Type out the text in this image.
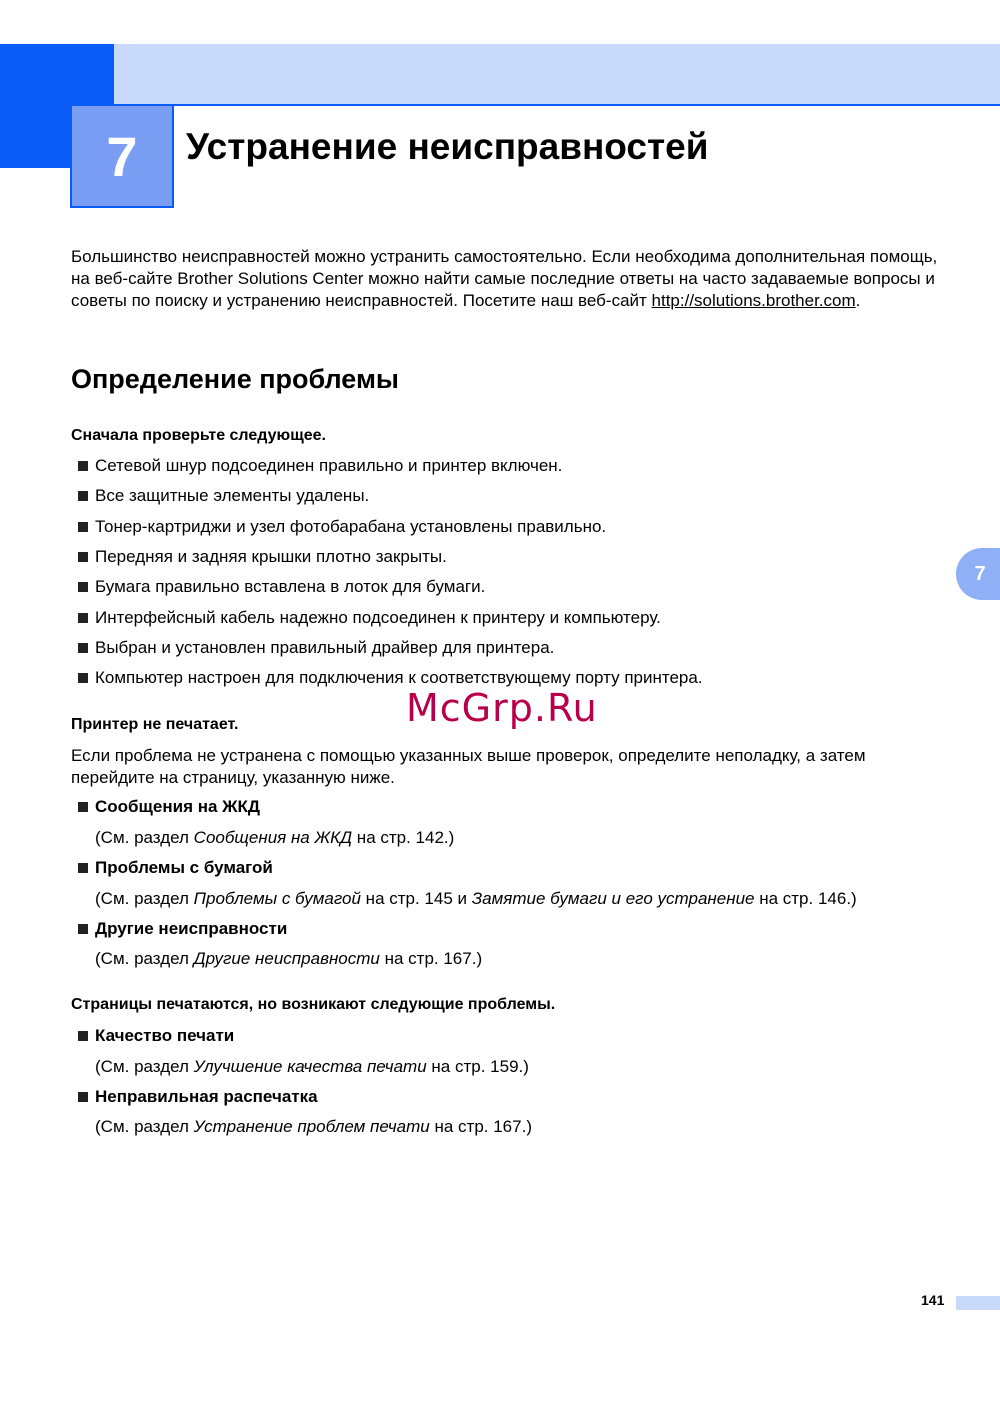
7 Устранение неисправностей

Большинство неисправностей можно устранить самостоятельно. Если необходима дополнительная помощь, на веб-сайте Brother Solutions Center можно найти самые последние ответы на часто задаваемые вопросы и советы по поиску и устранению неисправностей. Посетите наш веб-сайт http://solutions.brother.com.

Определение проблемы
Сначала проверьте следующее.
Сетевой шнур подсоединен правильно и принтер включен.
Все защитные элементы удалены.
Тонер-картриджи и узел фотобарабана установлены правильно.
Передняя и задняя крышки плотно закрыты.
Бумага правильно вставлена в лоток для бумаги.
Интерфейсный кабель надежно подсоединен к принтеру и компьютеру.
Выбран и установлен правильный драйвер для принтера.
Компьютер настроен для подключения к соответствующему порту принтера.
Принтер не печатает.

Если проблема не устранена с помощью указанных выше проверок, определите неполадку, а затем перейдите на страницу, указанную ниже.

Сообщения на ЖКД
(См. раздел Сообщения на ЖКД на стр. 142.)
Проблемы с бумагой
(См. раздел Проблемы с бумагой на стр. 145 и Замятие бумаги и его устранение на стр. 146.)
Другие неисправности
(См. раздел Другие неисправности на стр. 167.)
Страницы печатаются, но возникают следующие проблемы.
Качество печати
(См. раздел Улучшение качества печати на стр. 159.)
Неправильная распечатка
(См. раздел Устранение проблем печати на стр. 167.)
7
McGrp.Ru
141
